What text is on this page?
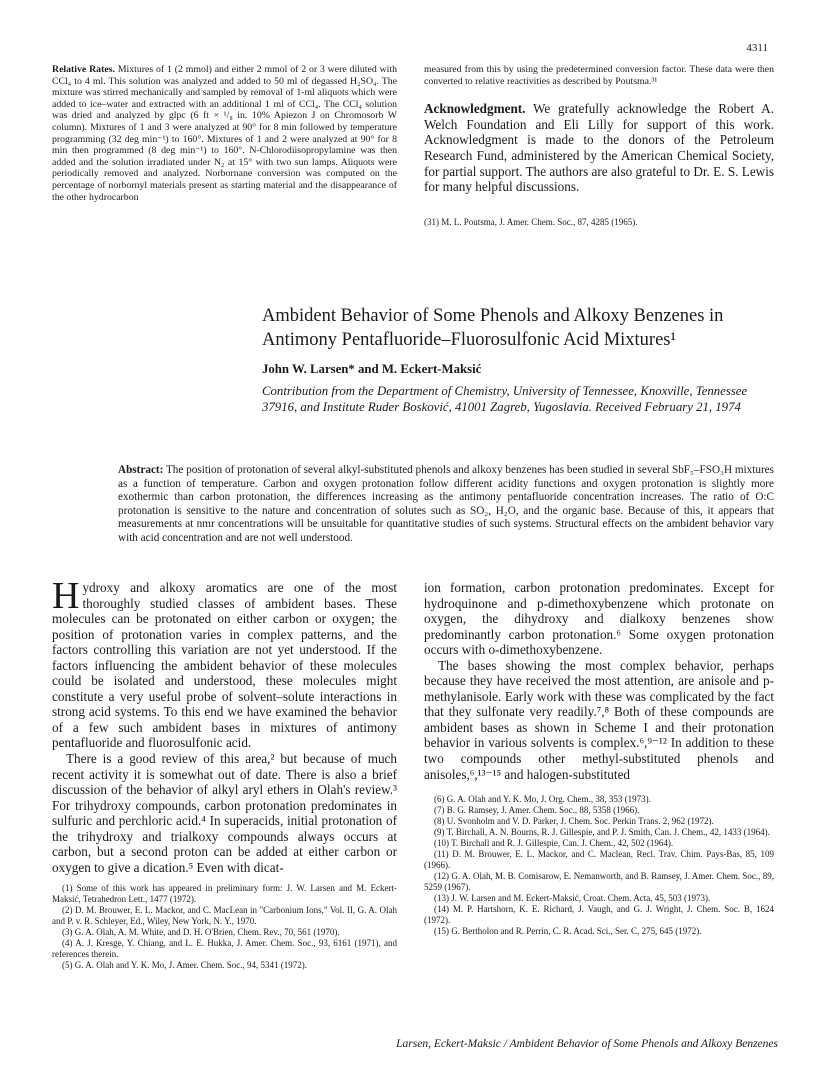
4311

Relative Rates. Mixtures of 1 (2 mmol) and either 2 mmol of 2 or 3 were diluted with CCl₄ to 4 ml. This solution was analyzed and added to 50 ml of degassed H₂SO₄. The mixture was stirred mechanically and sampled by removal of 1-ml aliquots which were added to ice–water and extracted with an additional 1 ml of CCl₄. The CCl₄ solution was dried and analyzed by glpc (6 ft × ¹/₈ in. 10% Apiezon J on Chromosorb W column). Mixtures of 1 and 3 were analyzed at 90° for 8 min followed by temperature programming (32 deg min⁻¹) to 160°. Mixtures of 1 and 2 were analyzed at 90° for 8 min then programmed (8 deg min⁻¹) to 160°. N-Chlorodiisopropylamine was then added and the solution irradiated under N₂ at 15° with two sun lamps. Aliquots were periodically removed and analyzed. Norbornane conversion was computed on the percentage of norbornyl materials present as starting material and the disappearance of the other hydrocarbon

measured from this by using the predetermined conversion factor. These data were then converted to relative reactivities as described by Poutsma.³¹

Acknowledgment. We gratefully acknowledge the Robert A. Welch Foundation and Eli Lilly for support of this work. Acknowledgment is made to the donors of the Petroleum Research Fund, administered by the American Chemical Society, for partial support. The authors are also grateful to Dr. E. S. Lewis for many helpful discussions.
(31) M. L. Poutsma, J. Amer. Chem. Soc., 87, 4285 (1965).
Ambident Behavior of Some Phenols and Alkoxy Benzenes in Antimony Pentafluoride–Fluorosulfonic Acid Mixtures¹
John W. Larsen* and M. Eckert-Maksić
Contribution from the Department of Chemistry, University of Tennessee, Knoxville, Tennessee 37916, and Institute Ruder Bosković, 41001 Zagreb, Yugoslavia. Received February 21, 1974
Abstract: The position of protonation of several alkyl-substituted phenols and alkoxy benzenes has been studied in several SbF₅–FSO₃H mixtures as a function of temperature. Carbon and oxygen protonation follow different acidity functions and oxygen protonation is slightly more exothermic than carbon protonation, the differences increasing as the antimony pentafluoride concentration increases. The ratio of O:C protonation is sensitive to the nature and concentration of solutes such as SO₂, H₂O, and the organic base. Because of this, it appears that measurements at nmr concentrations will be unsuitable for quantitative studies of such systems. Structural effects on the ambident behavior vary with acid concentration and are not well understood.

Hydroxy and alkoxy aromatics are one of the most thoroughly studied classes of ambident bases. These molecules can be protonated on either carbon or oxygen; the position of protonation varies in complex patterns, and the factors controlling this variation are not yet understood. If the factors influencing the ambident behavior of these molecules could be isolated and understood, these molecules might constitute a very useful probe of solvent–solute interactions in strong acid systems. To this end we have examined the behavior of a few such ambident bases in mixtures of antimony pentafluoride and fluorosulfonic acid.

There is a good review of this area,² but because of much recent activity it is somewhat out of date. There is also a brief discussion of the behavior of alkyl aryl ethers in Olah's review.³ For trihydroxy compounds, carbon protonation predominates in sulfuric and perchloric acid.⁴ In superacids, initial protonation of the trihydroxy and trialkoxy compounds always occurs at carbon, but a second proton can be added at either carbon or oxygen to give a dication.⁵ Even with dicat-

(1) Some of this work has appeared in preliminary form: J. W. Larsen and M. Eckert-Maksić, Tetrahedron Lett., 1477 (1972).
(2) D. M. Brouwer, E. L. Mackor, and C. MacLean in "Carbonium Ions," Vol. II, G. A. Olah and P. v. R. Schleyer, Ed., Wiley, New York, N. Y., 1970.
(3) G. A. Olah, A. M. White, and D. H. O'Brien, Chem. Rev., 70, 561 (1970).
(4) A. J. Kresge, Y. Chiang, and L. E. Hukka, J. Amer. Chem. Soc., 93, 6161 (1971), and references therein.
(5) G. A. Olah and Y. K. Mo, J. Amer. Chem. Soc., 94, 5341 (1972).

ion formation, carbon protonation predominates. Except for hydroquinone and p-dimethoxybenzene which protonate on oxygen, the dihydroxy and dialkoxy benzenes show predominantly carbon protonation.⁶ Some oxygen protonation occurs with o-dimethoxybenzene.

The bases showing the most complex behavior, perhaps because they have received the most attention, are anisole and p-methylanisole. Early work with these was complicated by the fact that they sulfonate very readily.⁷,⁸ Both of these compounds are ambident bases as shown in Scheme I and their protonation behavior in various solvents is complex.⁶,⁹⁻¹² In addition to these two compounds other methyl-substituted phenols and anisoles,⁶,¹³⁻¹⁵ and halogen-substituted

(6) G. A. Olah and Y. K. Mo, J. Org. Chem., 38, 353 (1973).
(7) B. G. Ramsey, J. Amer. Chem. Soc., 88, 5358 (1966).
(8) U. Svonholm and V. D. Parker, J. Chem. Soc. Perkin Trans. 2, 962 (1972).
(9) T. Birchall, A. N. Bourns, R. J. Gillespie, and P. J. Smith, Can. J. Chem., 42, 1433 (1964).
(10) T. Birchall and R. J. Gillespie, Can. J. Chem., 42, 502 (1964).
(11) D. M. Brouwer, E. L. Mackor, and C. Maclean, Recl. Trav. Chim. Pays-Bas, 85, 109 (1966).
(12) G. A. Olah, M. B. Comisarow, E. Nemanworth, and B. Ramsey, J. Amer. Chem. Soc., 89, 5259 (1967).
(13) J. W. Larsen and M. Eckert-Maksić, Croat. Chem. Acta, 45, 503 (1973).
(14) M. P. Hartshorn, K. E. Richard, J. Vaugh, and G. J. Wright, J. Chem. Soc. B, 1624 (1972).
(15) G. Bertholon and R. Perrin, C. R. Acad. Sci., Ser. C, 275, 645 (1972).
Larsen, Eckert-Maksic / Ambident Behavior of Some Phenols and Alkoxy Benzenes
